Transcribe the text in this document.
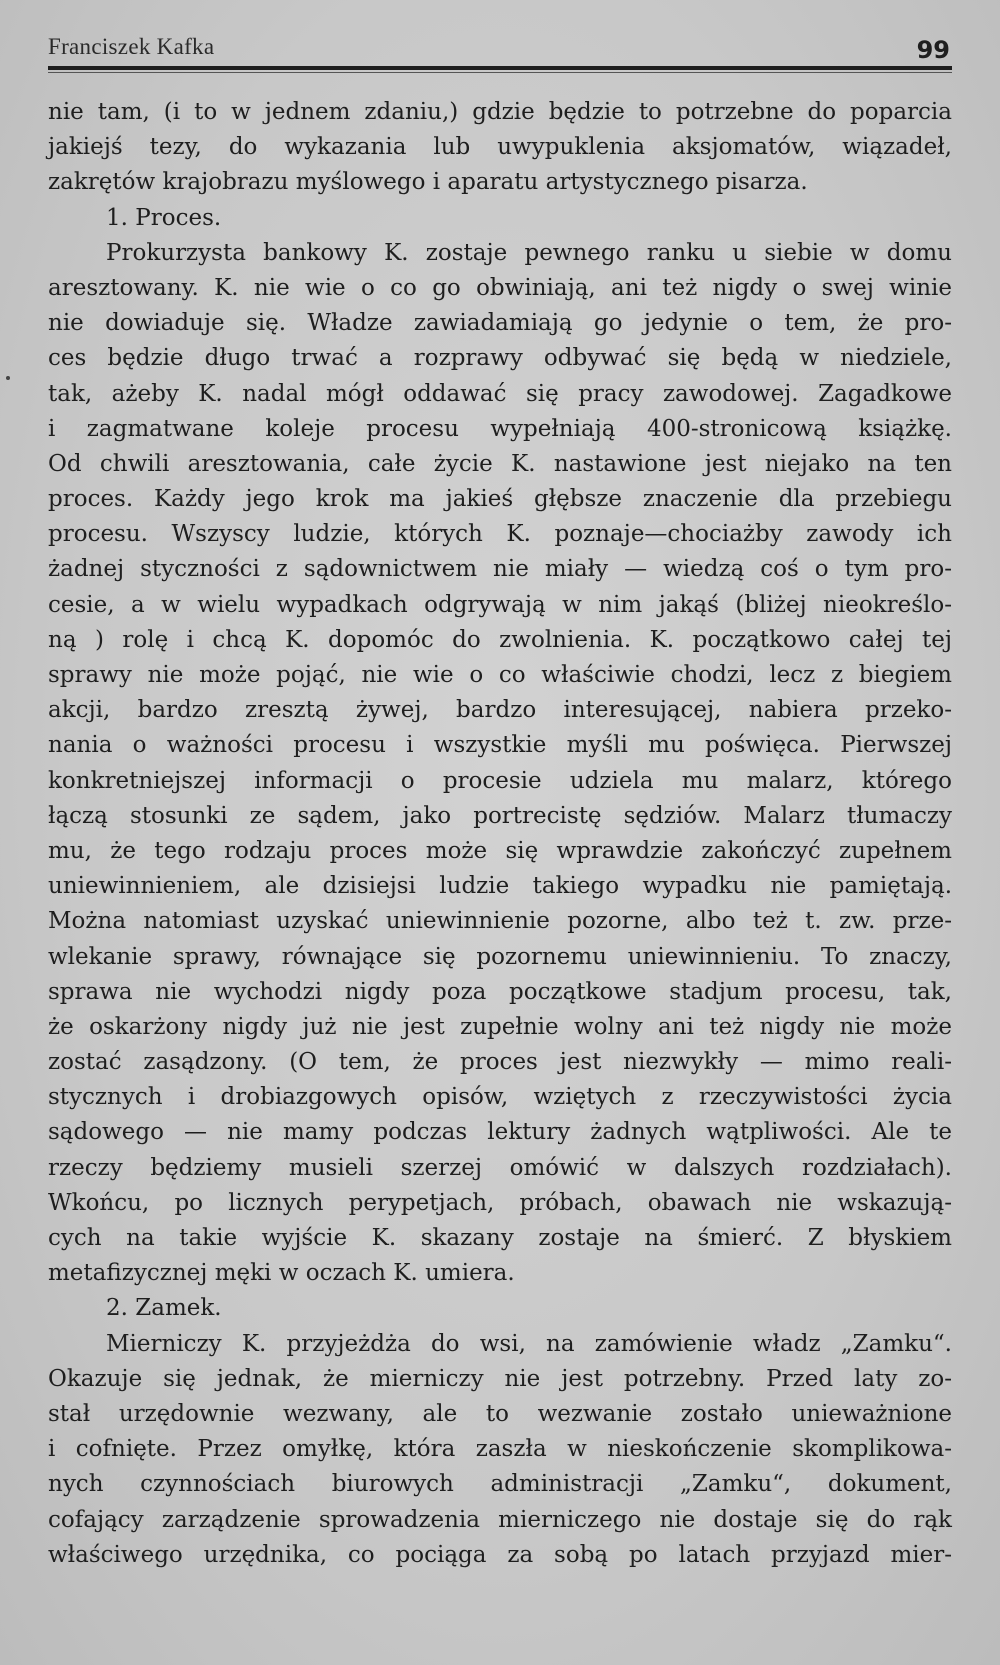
Franciszek Kafka	99
nie tam, (i to w jednem zdaniu,) gdzie będzie to potrzebne do poparcia
jakiejś tezy, do wykazania lub uwypuklenia aksjomatów, wiązadeł,
zakrętów krajobrazu myślowego i aparatu artystycznego pisarza.
1. Proces.
Prokurzysta bankowy K. zostaje pewnego ranku u siebie w domu
aresztowany. K. nie wie o co go obwiniają, ani też nigdy o swej winie
nie dowiaduje się. Władze zawiadamiają go jedynie o tem, że pro-
ces będzie długo trwać a rozprawy odbywać się będą w niedziele,
tak, ażeby K. nadal mógł oddawać się pracy zawodowej. Zagadkowe
i zagmatwane koleje procesu wypełniają 400-stronicową książkę.
Od chwili aresztowania, całe życie K. nastawione jest niejako na ten
proces. Każdy jego krok ma jakieś głębsze znaczenie dla przebiegu
procesu. Wszyscy ludzie, których K. poznaje—chociażby zawody ich
żadnej styczności z sądownictwem nie miały — wiedzą coś o tym pro-
cesie, a w wielu wypadkach odgrywają w nim jakąś (bliżej nieokreślo-
ną ) rolę i chcą K. dopomóc do zwolnienia. K. początkowo całej tej
sprawy nie może pojąć, nie wie o co właściwie chodzi, lecz z biegiem
akcji, bardzo zresztą żywej, bardzo interesującej, nabiera przeko-
nania o ważności procesu i wszystkie myśli mu poświęca. Pierwszej
konkretniejszej informacji o procesie udziela mu malarz, którego
łączą stosunki ze sądem, jako portrecistę sędziów. Malarz tłumaczy
mu, że tego rodzaju proces może się wprawdzie zakończyć zupełnem
uniewinnieniem, ale dzisiejsi ludzie takiego wypadku nie pamiętają.
Można natomiast uzyskać uniewinnienie pozorne, albo też t. zw. prze-
wlekanie sprawy, równające się pozornemu uniewinnieniu. To znaczy,
sprawa nie wychodzi nigdy poza początkowe stadjum procesu, tak,
że oskarżony nigdy już nie jest zupełnie wolny ani też nigdy nie może
zostać zasądzony. (O tem, że proces jest niezwykły — mimo reali-
stycznych i drobiazgowych opisów, wziętych z rzeczywistości życia
sądowego — nie mamy podczas lektury żadnych wątpliwości. Ale te
rzeczy będziemy musieli szerzej omówić w dalszych rozdziałach).
Wkońcu, po licznych perypetjach, próbach, obawach nie wskazują-
cych na takie wyjście K. skazany zostaje na śmierć. Z błyskiem
metafizycznej męki w oczach K. umiera.
2. Zamek.
Mierniczy K. przyjeżdża do wsi, na zamówienie władz „Zamku“.
Okazuje się jednak, że mierniczy nie jest potrzebny. Przed laty zo-
stał urzędownie wezwany, ale to wezwanie zostało unieważnione
i cofnięte. Przez omyłkę, która zaszła w nieskończenie skomplikowa-
nych czynnościach biurowych administracji „Zamku“, dokument,
cofający zarządzenie sprowadzenia mierniczego nie dostaje się do rąk
właściwego urzędnika, co pociąga za sobą po latach przyjazd mier-
